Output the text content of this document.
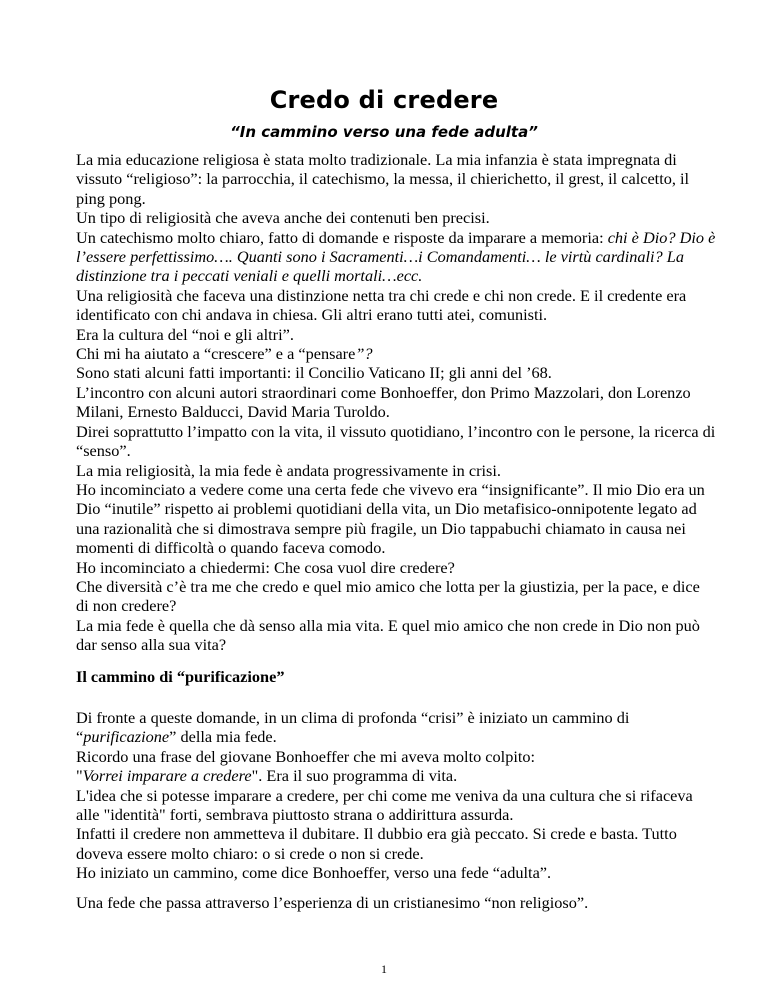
Credo di credere
“In cammino verso una fede adulta”

La mia educazione religiosa è stata molto tradizionale. La mia infanzia è stata impregnata di vissuto “religioso”: la parrocchia, il catechismo, la messa, il chierichetto, il grest, il calcetto, il ping pong.

Un tipo di religiosità che aveva anche dei contenuti ben precisi.

Un catechismo molto chiaro, fatto di domande e risposte da imparare a memoria: chi è Dio? Dio è l’essere perfettissimo…. Quanti sono i Sacramenti…i Comandamenti… le virtù cardinali? La distinzione tra i peccati veniali e quelli mortali…ecc.

Una religiosità che faceva una distinzione netta tra chi crede e chi non crede. E il credente era identificato con chi andava in chiesa. Gli altri erano tutti atei, comunisti.

Era la cultura del “noi e gli altri”.

Chi mi ha aiutato a “crescere” e a “pensare”?

Sono stati alcuni fatti importanti: il Concilio Vaticano II; gli anni del ’68.

L’incontro con alcuni autori straordinari come Bonhoeffer, don Primo Mazzolari, don Lorenzo Milani, Ernesto Balducci, David Maria Turoldo.

Direi soprattutto l’impatto con la vita, il vissuto quotidiano, l’incontro con le persone, la ricerca di “senso”.

La mia religiosità, la mia fede è andata progressivamente in crisi.

Ho incominciato a vedere come una certa fede che vivevo era “insignificante”. Il mio Dio era un Dio “inutile” rispetto ai problemi quotidiani della vita, un Dio metafisico-onnipotente legato ad una razionalità che si dimostrava sempre più fragile, un Dio tappabuchi chiamato in causa nei momenti di difficoltà o quando faceva comodo.

Ho incominciato a chiedermi: Che cosa vuol dire credere?

Che diversità c’è tra me che credo e quel mio amico che lotta per la giustizia, per la pace, e dice di non credere?

La mia fede è quella che dà senso alla mia vita. E quel mio amico che non crede in Dio non può dar senso alla sua vita?

Il cammino di “purificazione”

Di fronte a queste domande, in un clima di profonda “crisi” è iniziato un cammino di “purificazione” della mia fede.

Ricordo una frase del giovane Bonhoeffer che mi aveva molto colpito:

"Vorrei imparare a credere". Era il suo programma di vita.

L'idea che si potesse imparare a credere, per chi come me veniva da una cultura che si rifaceva alle "identità" forti, sembrava piuttosto strana o addirittura assurda.

Infatti il credere non ammetteva il dubitare. Il dubbio era già peccato. Si crede e basta. Tutto doveva essere molto chiaro: o si crede o non si crede.

Ho iniziato un cammino, come dice Bonhoeffer, verso una fede “adulta”.

Una fede che passa attraverso l’esperienza di un cristianesimo “non religioso”.

1
